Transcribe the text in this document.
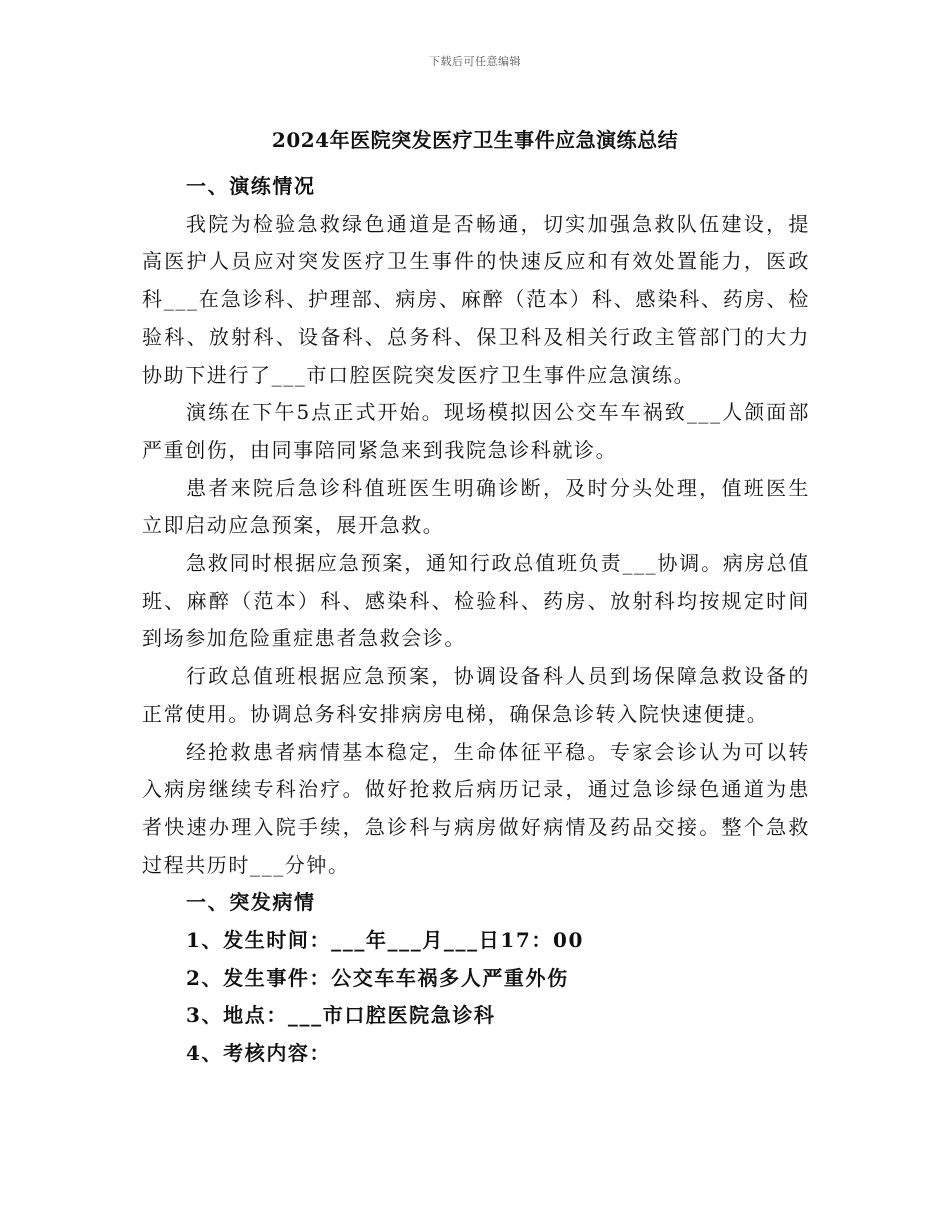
下载后可任意编辑
2024年医院突发医疗卫生事件应急演练总结

一、演练情况

我院为检验急救绿色通道是否畅通，切实加强急救队伍建设，提高医护人员应对突发医疗卫生事件的快速反应和有效处置能力，医政科___在急诊科、护理部、病房、麻醉（范本）科、感染科、药房、检验科、放射科、设备科、总务科、保卫科及相关行政主管部门的大力协助下进行了___市口腔医院突发医疗卫生事件应急演练。

演练在下午5点正式开始。现场模拟因公交车车祸致___人颌面部严重创伤，由同事陪同紧急来到我院急诊科就诊。

患者来院后急诊科值班医生明确诊断，及时分头处理，值班医生立即启动应急预案，展开急救。

急救同时根据应急预案，通知行政总值班负责___协调。病房总值班、麻醉（范本）科、感染科、检验科、药房、放射科均按规定时间到场参加危险重症患者急救会诊。

行政总值班根据应急预案，协调设备科人员到场保障急救设备的正常使用。协调总务科安排病房电梯，确保急诊转入院快速便捷。

经抢救患者病情基本稳定，生命体征平稳。专家会诊认为可以转入病房继续专科治疗。做好抢救后病历记录，通过急诊绿色通道为患者快速办理入院手续，急诊科与病房做好病情及药品交接。整个急救过程共历时___分钟。

一、突发病情

1、发生时间：___年___月___日17：00

2、发生事件：公交车车祸多人严重外伤

3、地点：___市口腔医院急诊科

4、考核内容：
